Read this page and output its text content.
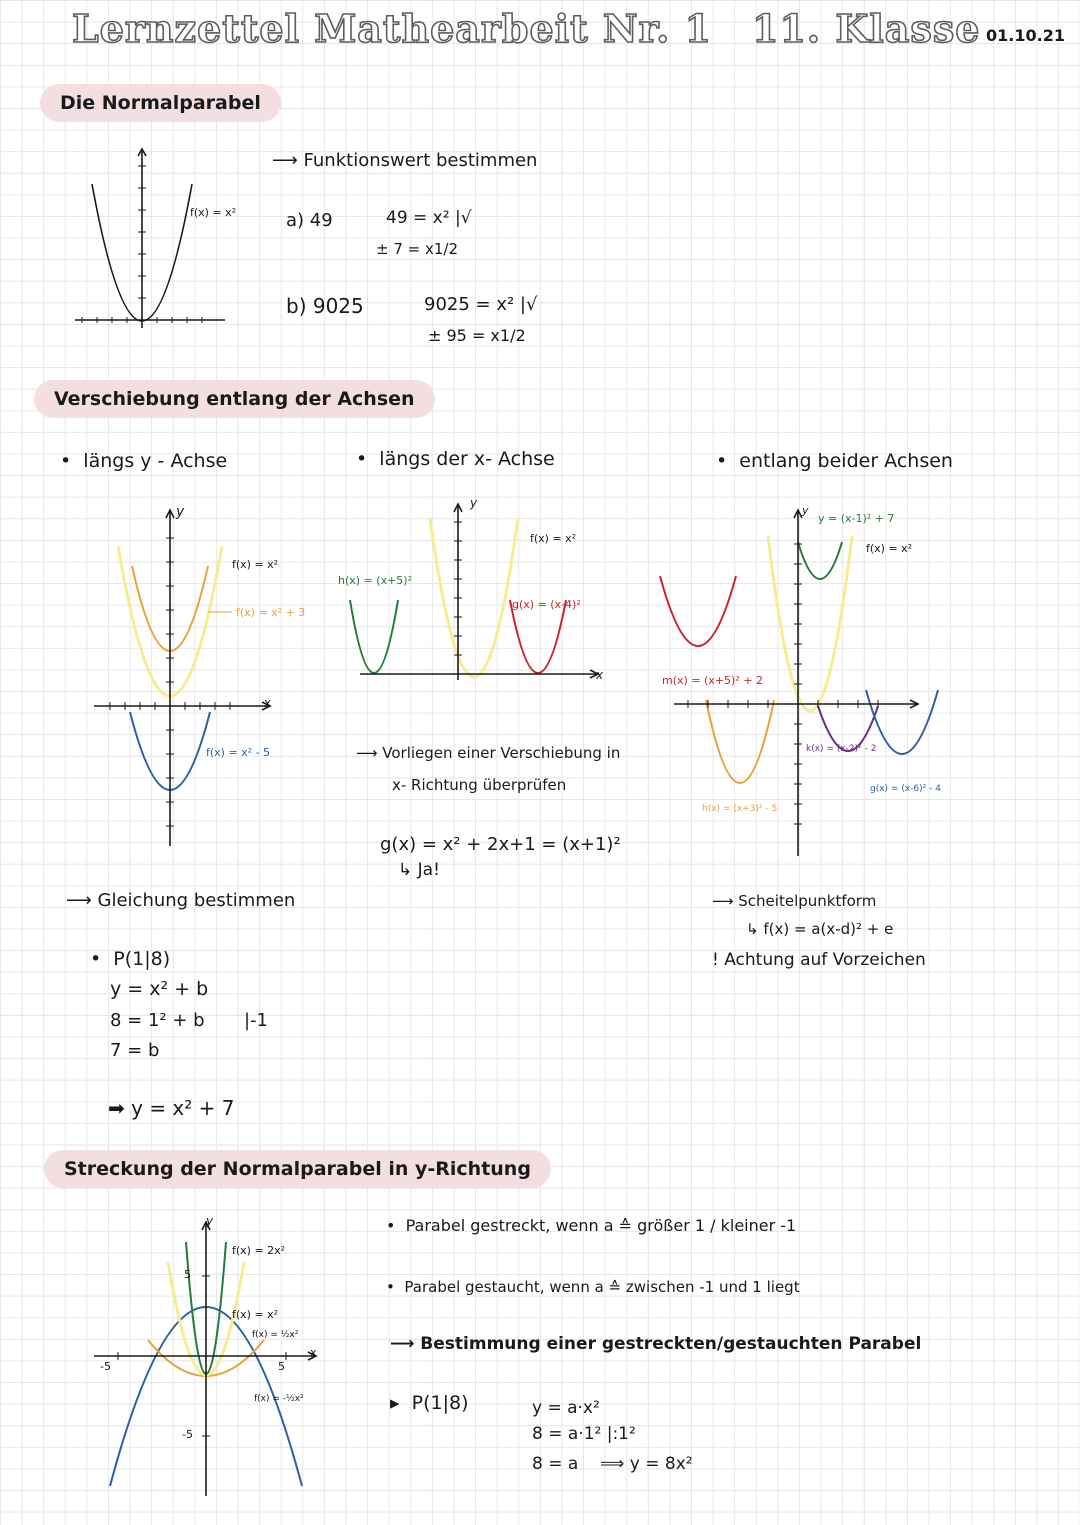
Lernzettel Mathearbeit Nr. 1 11. Klasse 01.10.21
Die Normalparabel
f(x) = x²
⟶ Funktionswert bestimmen
a) 49	49 = x² |√
± 7 = x1/2
b) 9025	9025 = x² |√
± 95 = x1/2
Verschiebung entlang der Achsen
•  längs y - Achse	•  längs der x- Achse	•  entlang beider Achsen
y
x
f(x) = x²
f(x) = x² + 3
f(x) = x² - 5
y
x
f(x) = x²
h(x) = (x+5)²
g(x) = (x-4)²
⟶ Vorliegen einer Verschiebung in
x- Richtung überprüfen
g(x) = x² + 2x+1 = (x+1)²
↳ Ja!
y
y = (x-1)² + 7
f(x) = x²
m(x) = (x+5)² + 2
k(x) = (x-2)² - 2
h(x) = (x+3)² - 5
g(x) = (x-6)² - 4
⟶ Scheitelpunktform
↳ f(x) = a(x-d)² + e
! Achtung auf Vorzeichen
⟶ Gleichung bestimmen
•  P(1|8)
y = x² + b
8 = 1² + b |-1
7 = b
➡ y = x² + 7
Streckung der Normalparabel in y-Richtung
y
x
f(x) = 2x²
f(x) = x²
f(x) = ½x²
f(x) = -½x²
-5	5
5
-5
•  Parabel gestreckt, wenn a ≙ größer 1 / kleiner -1
•  Parabel gestaucht, wenn a ≙ zwischen -1 und 1 liegt
⟶ Bestimmung einer gestreckten/gestauchten Parabel
▸  P(1|8)	y = a·x²
8 = a·1² |:1²
8 = a ⟹ y = 8x²
